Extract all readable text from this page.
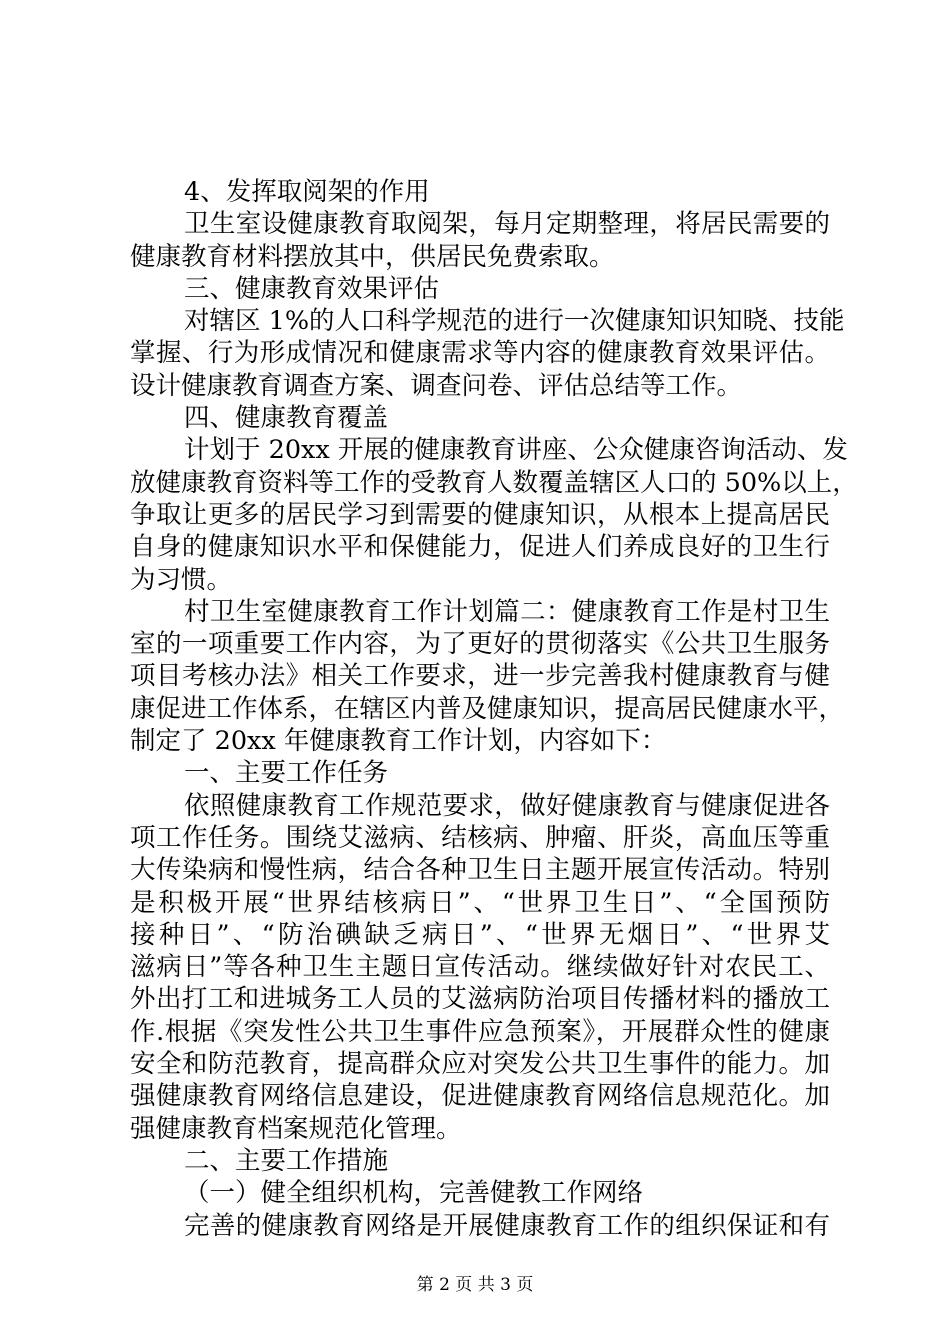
4、发挥取阅架的作用
卫生室设健康教育取阅架，每月定期整理，将居民需要的
健康教育材料摆放其中，供居民免费索取。
三、健康教育效果评估
对辖区 1%的人口科学规范的进行一次健康知识知晓、技能
掌握、行为形成情况和健康需求等内容的健康教育效果评估。
设计健康教育调查方案、调查问卷、评估总结等工作。
四、健康教育覆盖
计划于 20xx 开展的健康教育讲座、公众健康咨询活动、发
放健康教育资料等工作的受教育人数覆盖辖区人口的 50%以上，
争取让更多的居民学习到需要的健康知识，从根本上提高居民
自身的健康知识水平和保健能力，促进人们养成良好的卫生行
为习惯。
村卫生室健康教育工作计划篇二：健康教育工作是村卫生
室的一项重要工作内容，为了更好的贯彻落实《公共卫生服务
项目考核办法》相关工作要求，进一步完善我村健康教育与健
康促进工作体系，在辖区内普及健康知识，提高居民健康水平，
制定了 20xx 年健康教育工作计划，内容如下：
一、主要工作任务
依照健康教育工作规范要求，做好健康教育与健康促进各
项工作任务。围绕艾滋病、结核病、肿瘤、肝炎，高血压等重
大传染病和慢性病，结合各种卫生日主题开展宣传活动。特别
是积极开展“世界结核病日”、“世界卫生日”、“全国预防
接种日”、“防治碘缺乏病日”、“世界无烟日”、“世界艾
滋病日”等各种卫生主题日宣传活动。继续做好针对农民工、
外出打工和进城务工人员的艾滋病防治项目传播材料的播放工
作.根据《突发性公共卫生事件应急预案》，开展群众性的健康
安全和防范教育，提高群众应对突发公共卫生事件的能力。加
强健康教育网络信息建设，促进健康教育网络信息规范化。加
强健康教育档案规范化管理。
二、主要工作措施
（一）健全组织机构，完善健教工作网络
完善的健康教育网络是开展健康教育工作的组织保证和有
第 2 页 共 3 页
